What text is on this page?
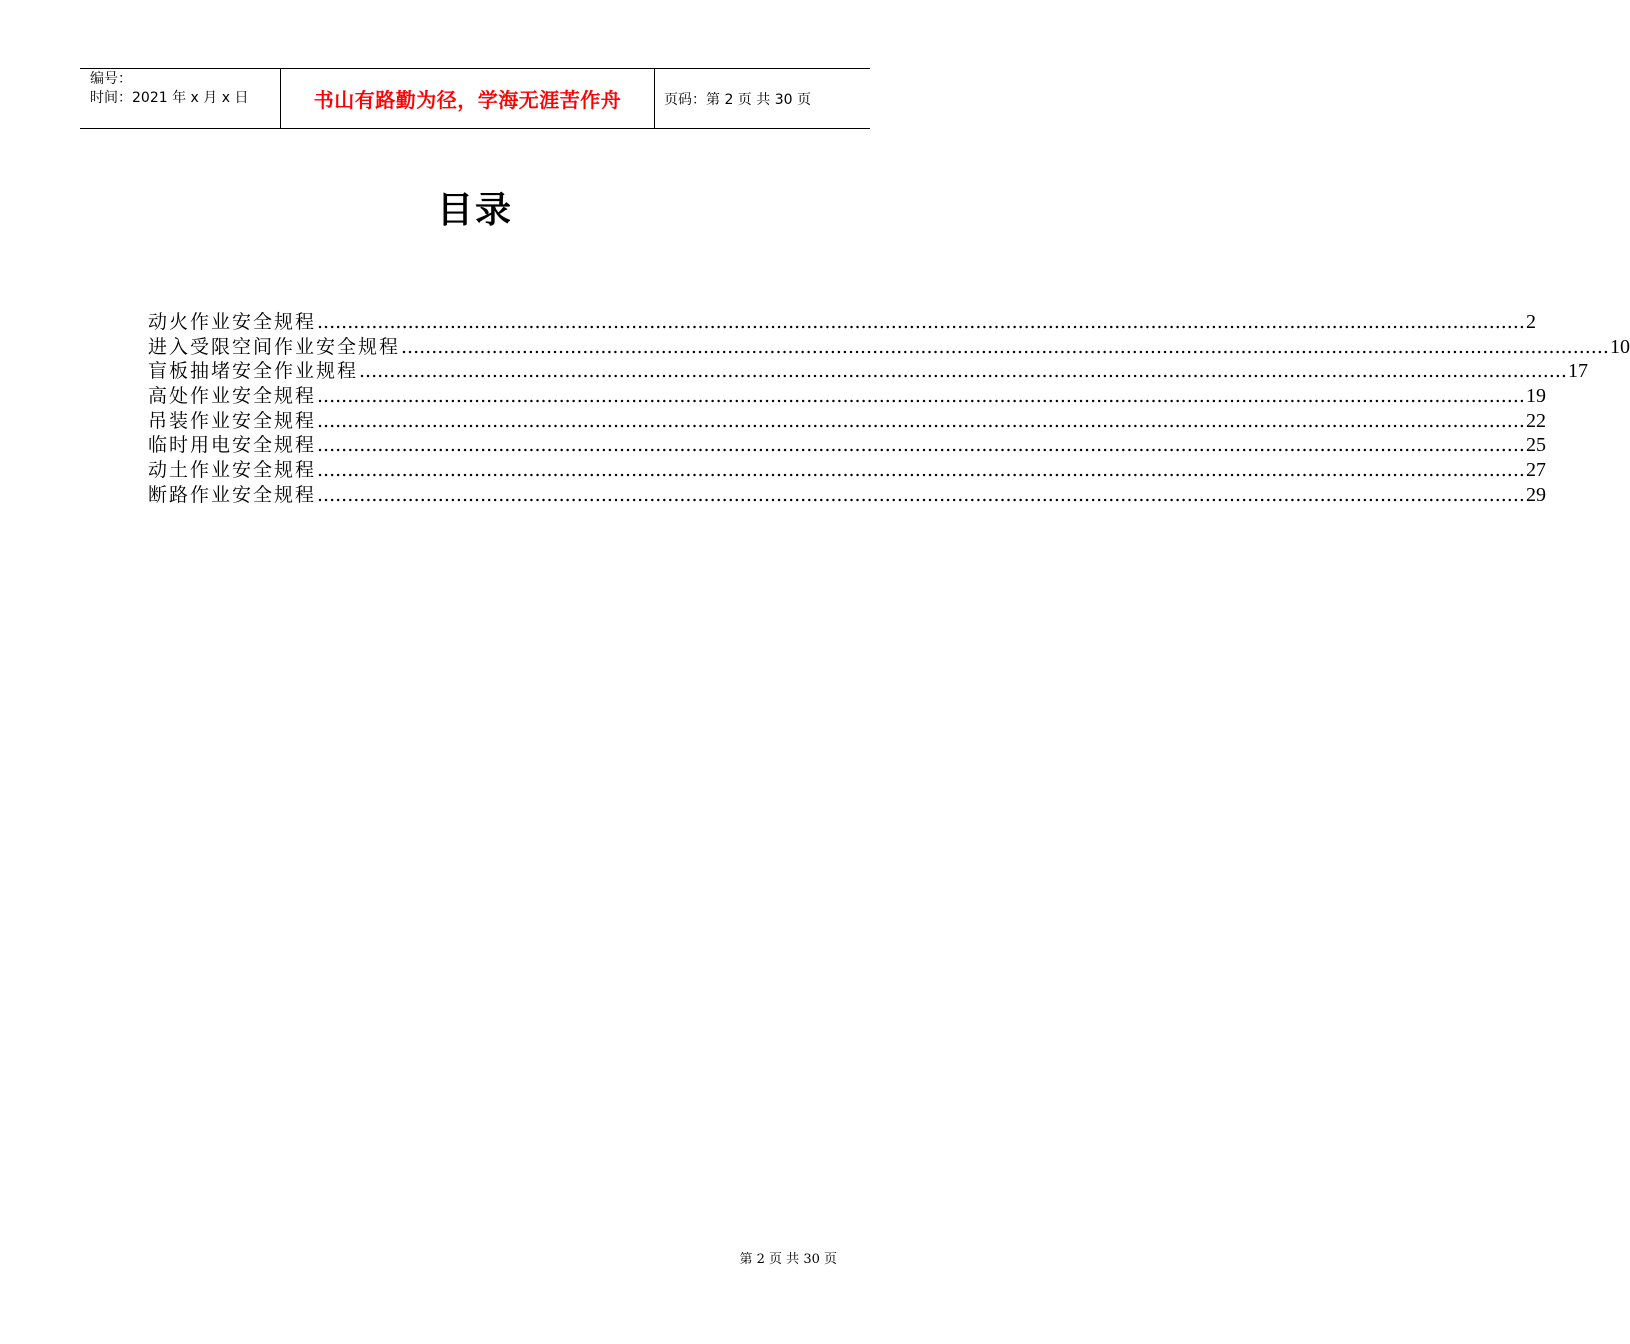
编号：
时间：2021 年 x 月 x 日	书山有路勤为径，学海无涯苦作舟	页码：第 2 页 共 30 页
目录
动火作业安全规程 ........................................................................................................................................................................................................ 2
进入受限空间作业安全规程 ........................................................................................................................................................................................................ 10
盲板抽堵安全作业规程 ........................................................................................................................................................................................................ 17
高处作业安全规程 ........................................................................................................................................................................................................ 19
吊装作业安全规程 ........................................................................................................................................................................................................ 22
临时用电安全规程 ........................................................................................................................................................................................................ 25
动土作业安全规程 ........................................................................................................................................................................................................ 27
断路作业安全规程 ........................................................................................................................................................................................................ 29
第 2 页 共 30 页
